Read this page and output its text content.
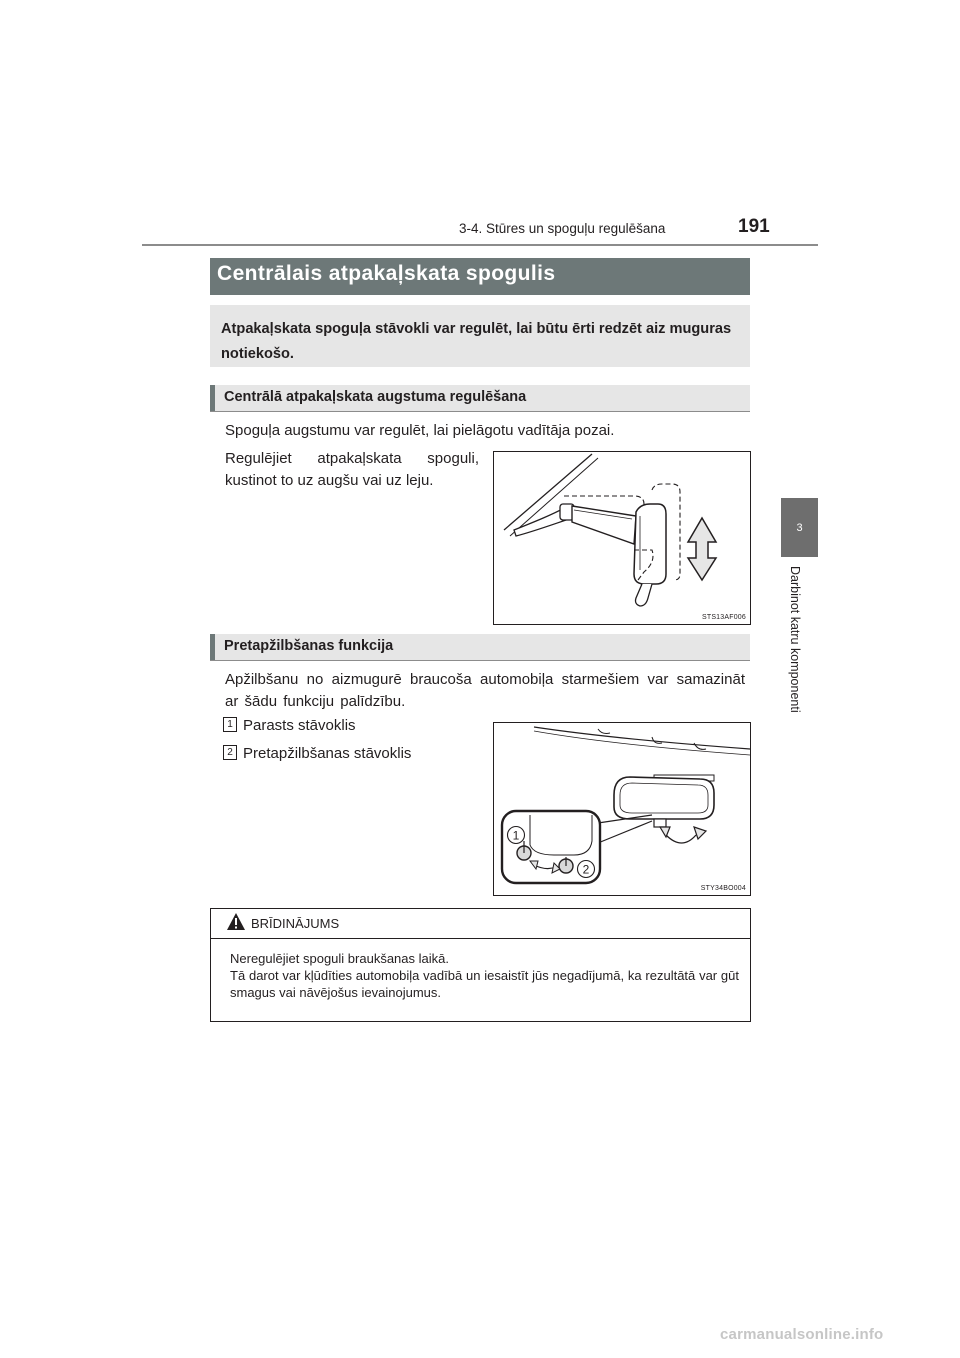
3-4. Stūres un spoguļu regulēšana	191
3
Darbinot katru komponenti
Centrālais atpakaļskata spogulis
Atpakaļskata spoguļa stāvokli var regulēt, lai būtu ērti redzēt aiz muguras notiekošo.
Centrālā atpakaļskata augstuma regulēšana
Spoguļa augstumu var regulēt, lai pielāgotu vadītāja pozai.
Regulējiet atpakaļskata spoguli, kustinot to uz augšu vai uz leju.
STS13AF006
Pretapžilbšanas funkcija
Apžilbšanu no aizmugurē braucoša automobiļa starmešiem var samazināt ar šādu funkciju palīdzību.
1 Parasts stāvoklis
2 Pretapžilbšanas stāvoklis
1
2
STY34BO004
BRĪDINĀJUMS
Neregulējiet spoguli braukšanas laikā.
Tā darot var kļūdīties automobiļa vadībā un iesaistīt jūs negadījumā, ka rezultātā var gūt smagus vai nāvējošus ievainojumus.
carmanualsonline.info
